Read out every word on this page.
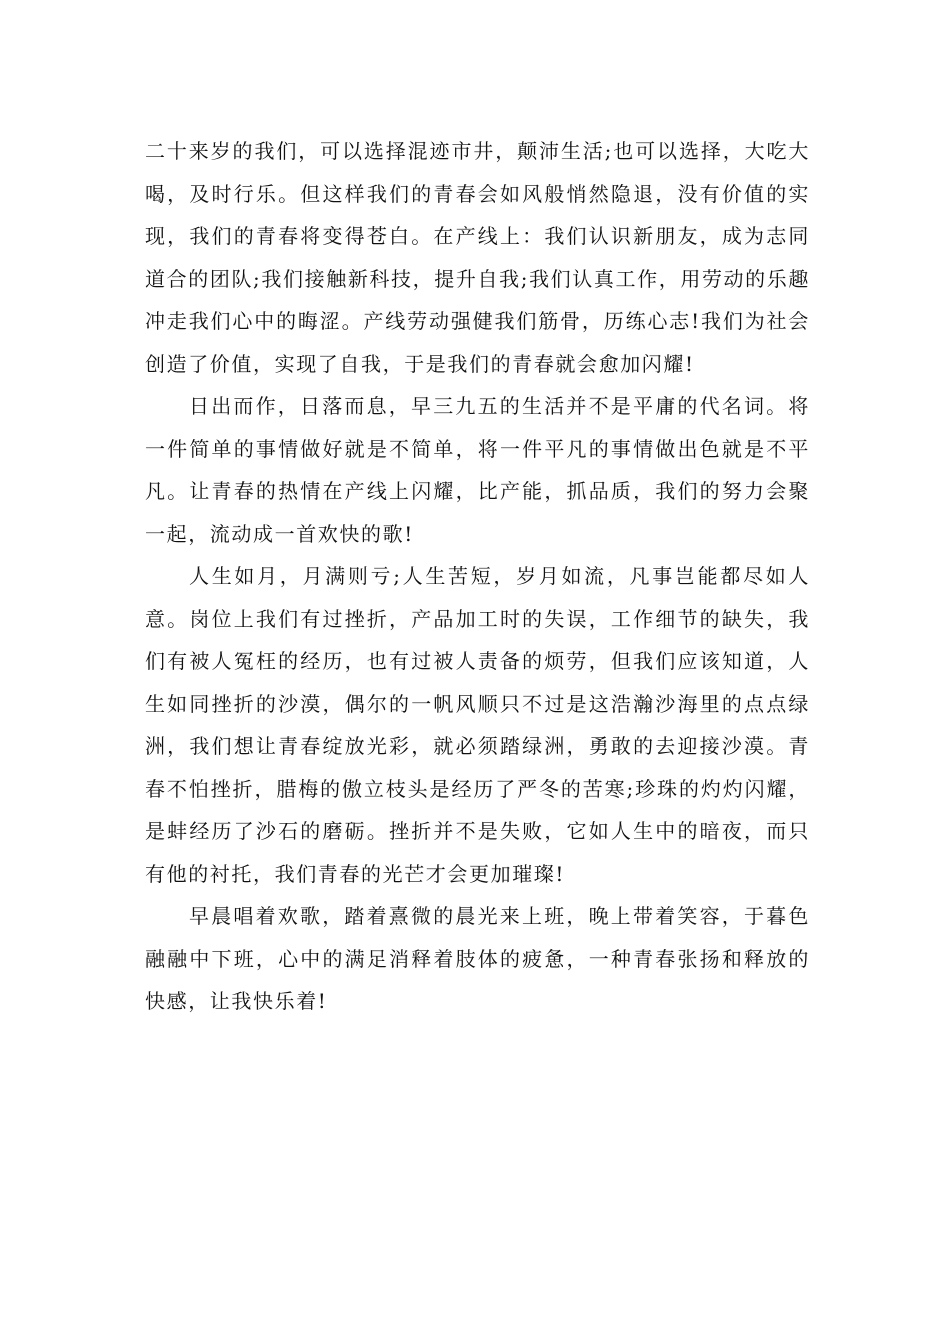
二十来岁的我们，可以选择混迹市井，颠沛生活;也可以选择，大吃大喝，及时行乐。但这样我们的青春会如风般悄然隐退，没有价值的实现，我们的青春将变得苍白。在产线上：我们认识新朋友，成为志同道合的团队;我们接触新科技，提升自我;我们认真工作，用劳动的乐趣冲走我们心中的晦涩。产线劳动强健我们筋骨，历练心志!我们为社会创造了价值，实现了自我，于是我们的青春就会愈加闪耀!

日出而作，日落而息，早三九五的生活并不是平庸的代名词。将一件简单的事情做好就是不简单，将一件平凡的事情做出色就是不平凡。让青春的热情在产线上闪耀，比产能，抓品质，我们的努力会聚一起，流动成一首欢快的歌!

人生如月，月满则亏;人生苦短，岁月如流，凡事岂能都尽如人意。岗位上我们有过挫折，产品加工时的失误，工作细节的缺失，我们有被人冤枉的经历，也有过被人责备的烦劳，但我们应该知道，人生如同挫折的沙漠，偶尔的一帆风顺只不过是这浩瀚沙海里的点点绿洲，我们想让青春绽放光彩，就必须踏绿洲，勇敢的去迎接沙漠。青春不怕挫折，腊梅的傲立枝头是经历了严冬的苦寒;珍珠的灼灼闪耀，是蚌经历了沙石的磨砺。挫折并不是失败，它如人生中的暗夜，而只有他的衬托，我们青春的光芒才会更加璀璨!

早晨唱着欢歌，踏着熹微的晨光来上班，晚上带着笑容，于暮色融融中下班，心中的满足消释着肢体的疲惫，一种青春张扬和释放的快感，让我快乐着!
